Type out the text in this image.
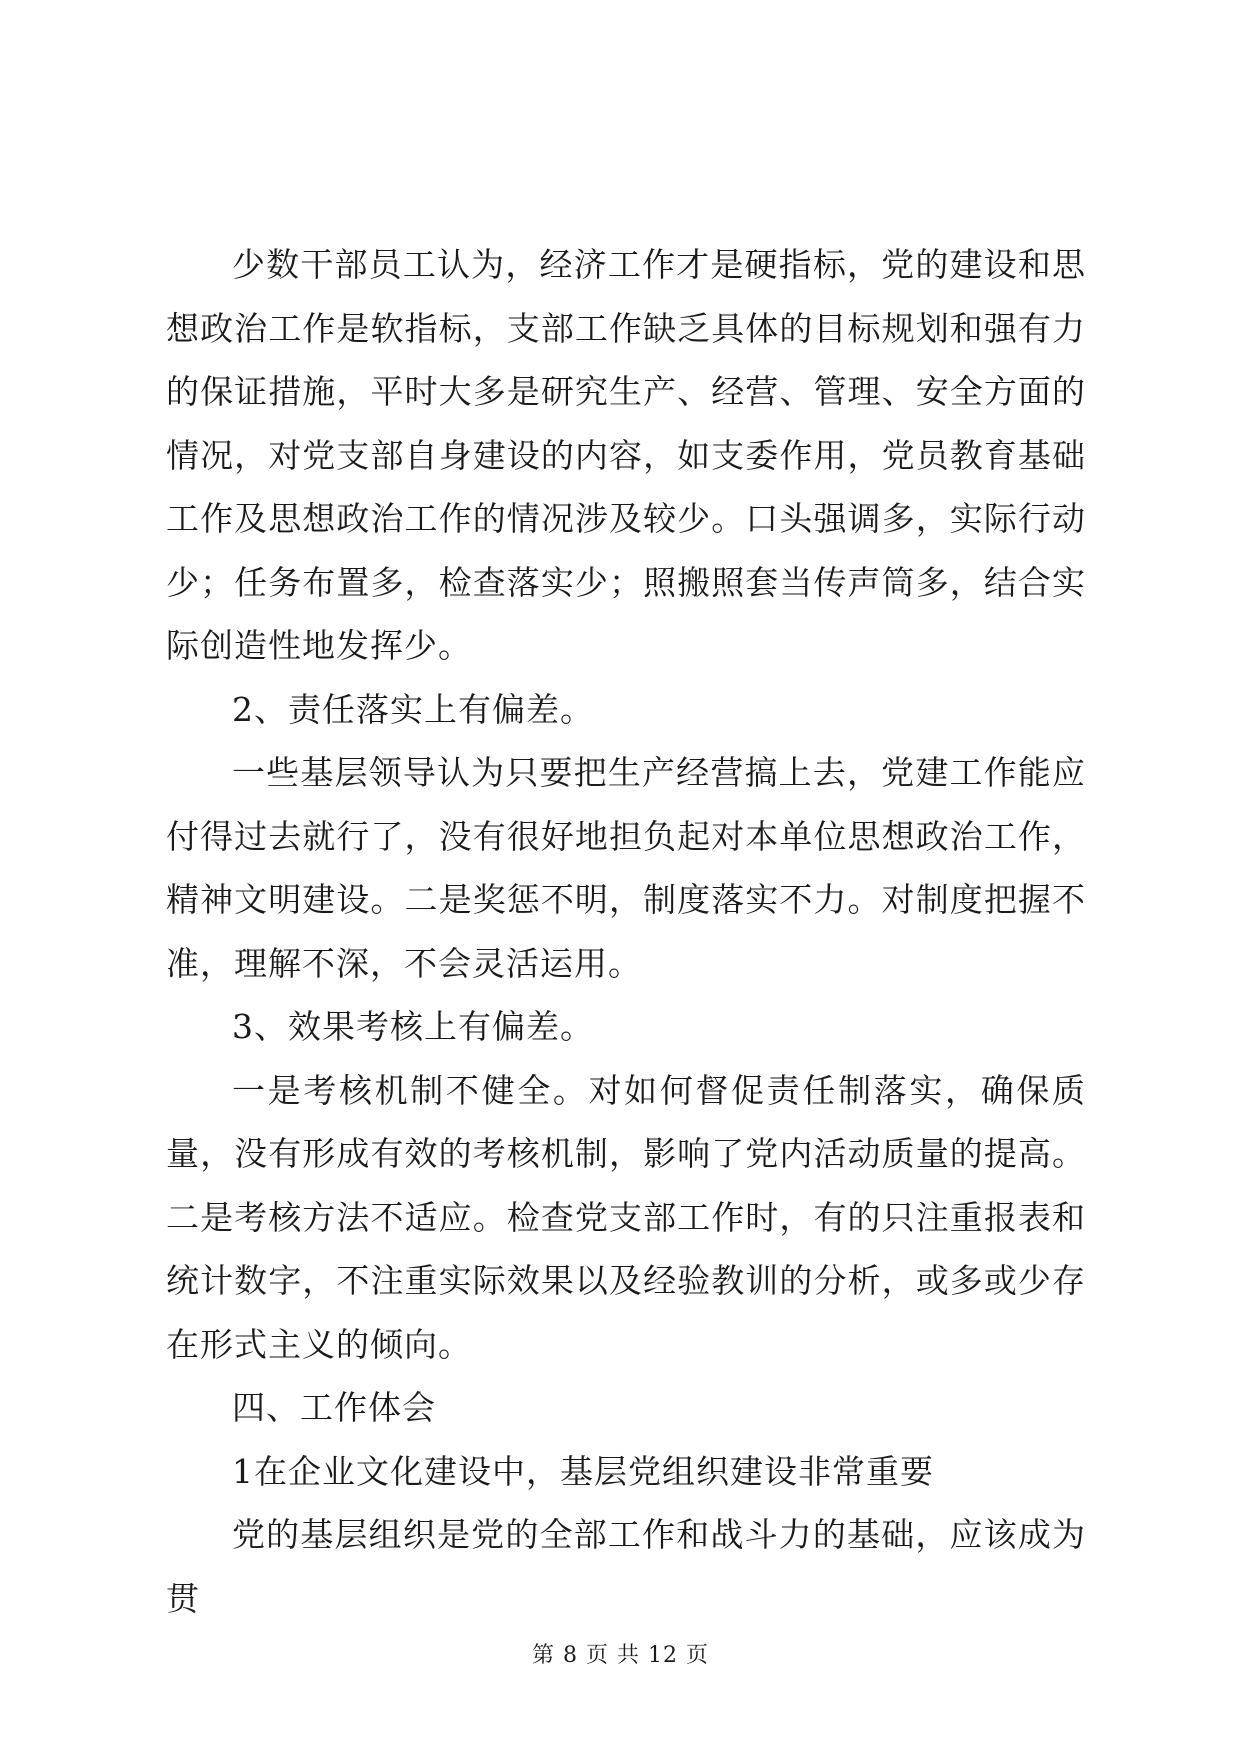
少数干部员工认为，经济工作才是硬指标，党的建设和思想政治工作是软指标，支部工作缺乏具体的目标规划和强有力的保证措施，平时大多是研究生产、经营、管理、安全方面的情况，对党支部自身建设的内容，如支委作用，党员教育基础工作及思想政治工作的情况涉及较少。口头强调多，实际行动少；任务布置多，检查落实少；照搬照套当传声筒多，结合实际创造性地发挥少。

2、责任落实上有偏差。

一些基层领导认为只要把生产经营搞上去，党建工作能应付得过去就行了，没有很好地担负起对本单位思想政治工作，精神文明建设。二是奖惩不明，制度落实不力。对制度把握不准，理解不深，不会灵活运用。

3、效果考核上有偏差。

一是考核机制不健全。对如何督促责任制落实，确保质量，没有形成有效的考核机制，影响了党内活动质量的提高。二是考核方法不适应。检查党支部工作时，有的只注重报表和统计数字，不注重实际效果以及经验教训的分析，或多或少存在形式主义的倾向。

四、工作体会

1在企业文化建设中，基层党组织建设非常重要

党的基层组织是党的全部工作和战斗力的基础，应该成为贯

第 8 页 共 12 页
